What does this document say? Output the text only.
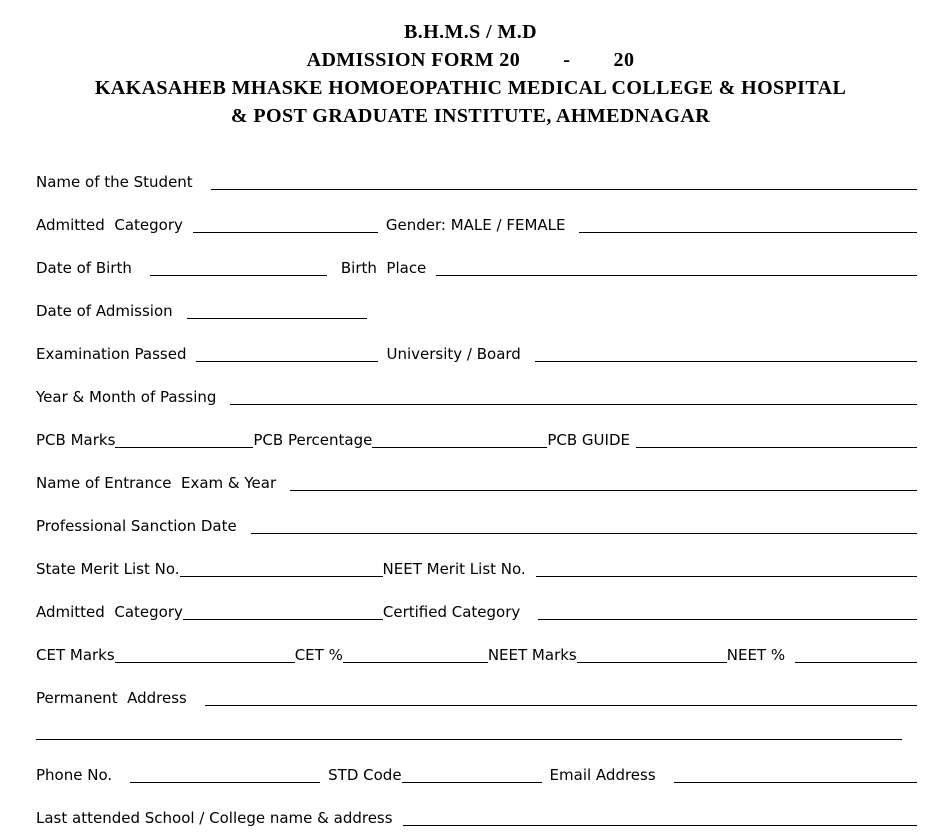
B.H.M.S / M.D
ADMISSION FORM 20        -        20
KAKASAHEB MHASKE HOMOEOPATHIC MEDICAL COLLEGE & HOSPITAL
& POST GRADUATE INSTITUTE, AHMEDNAGAR
Name of the Student
Admitted  Category	Gender: MALE / FEMALE
Date of Birth	Birth  Place
Date of Admission
Examination Passed	University / Board
Year & Month of Passing
PCB Marks	PCB Percentage	PCB GUIDE
Name of Entrance  Exam & Year
Professional Sanction Date
State Merit List No.	NEET Merit List No.
Admitted  Category	Certified Category
CET Marks	CET %	NEET Marks	NEET %
Permanent  Address
Phone No.	STD Code	Email Address
Last attended School / College name & address
